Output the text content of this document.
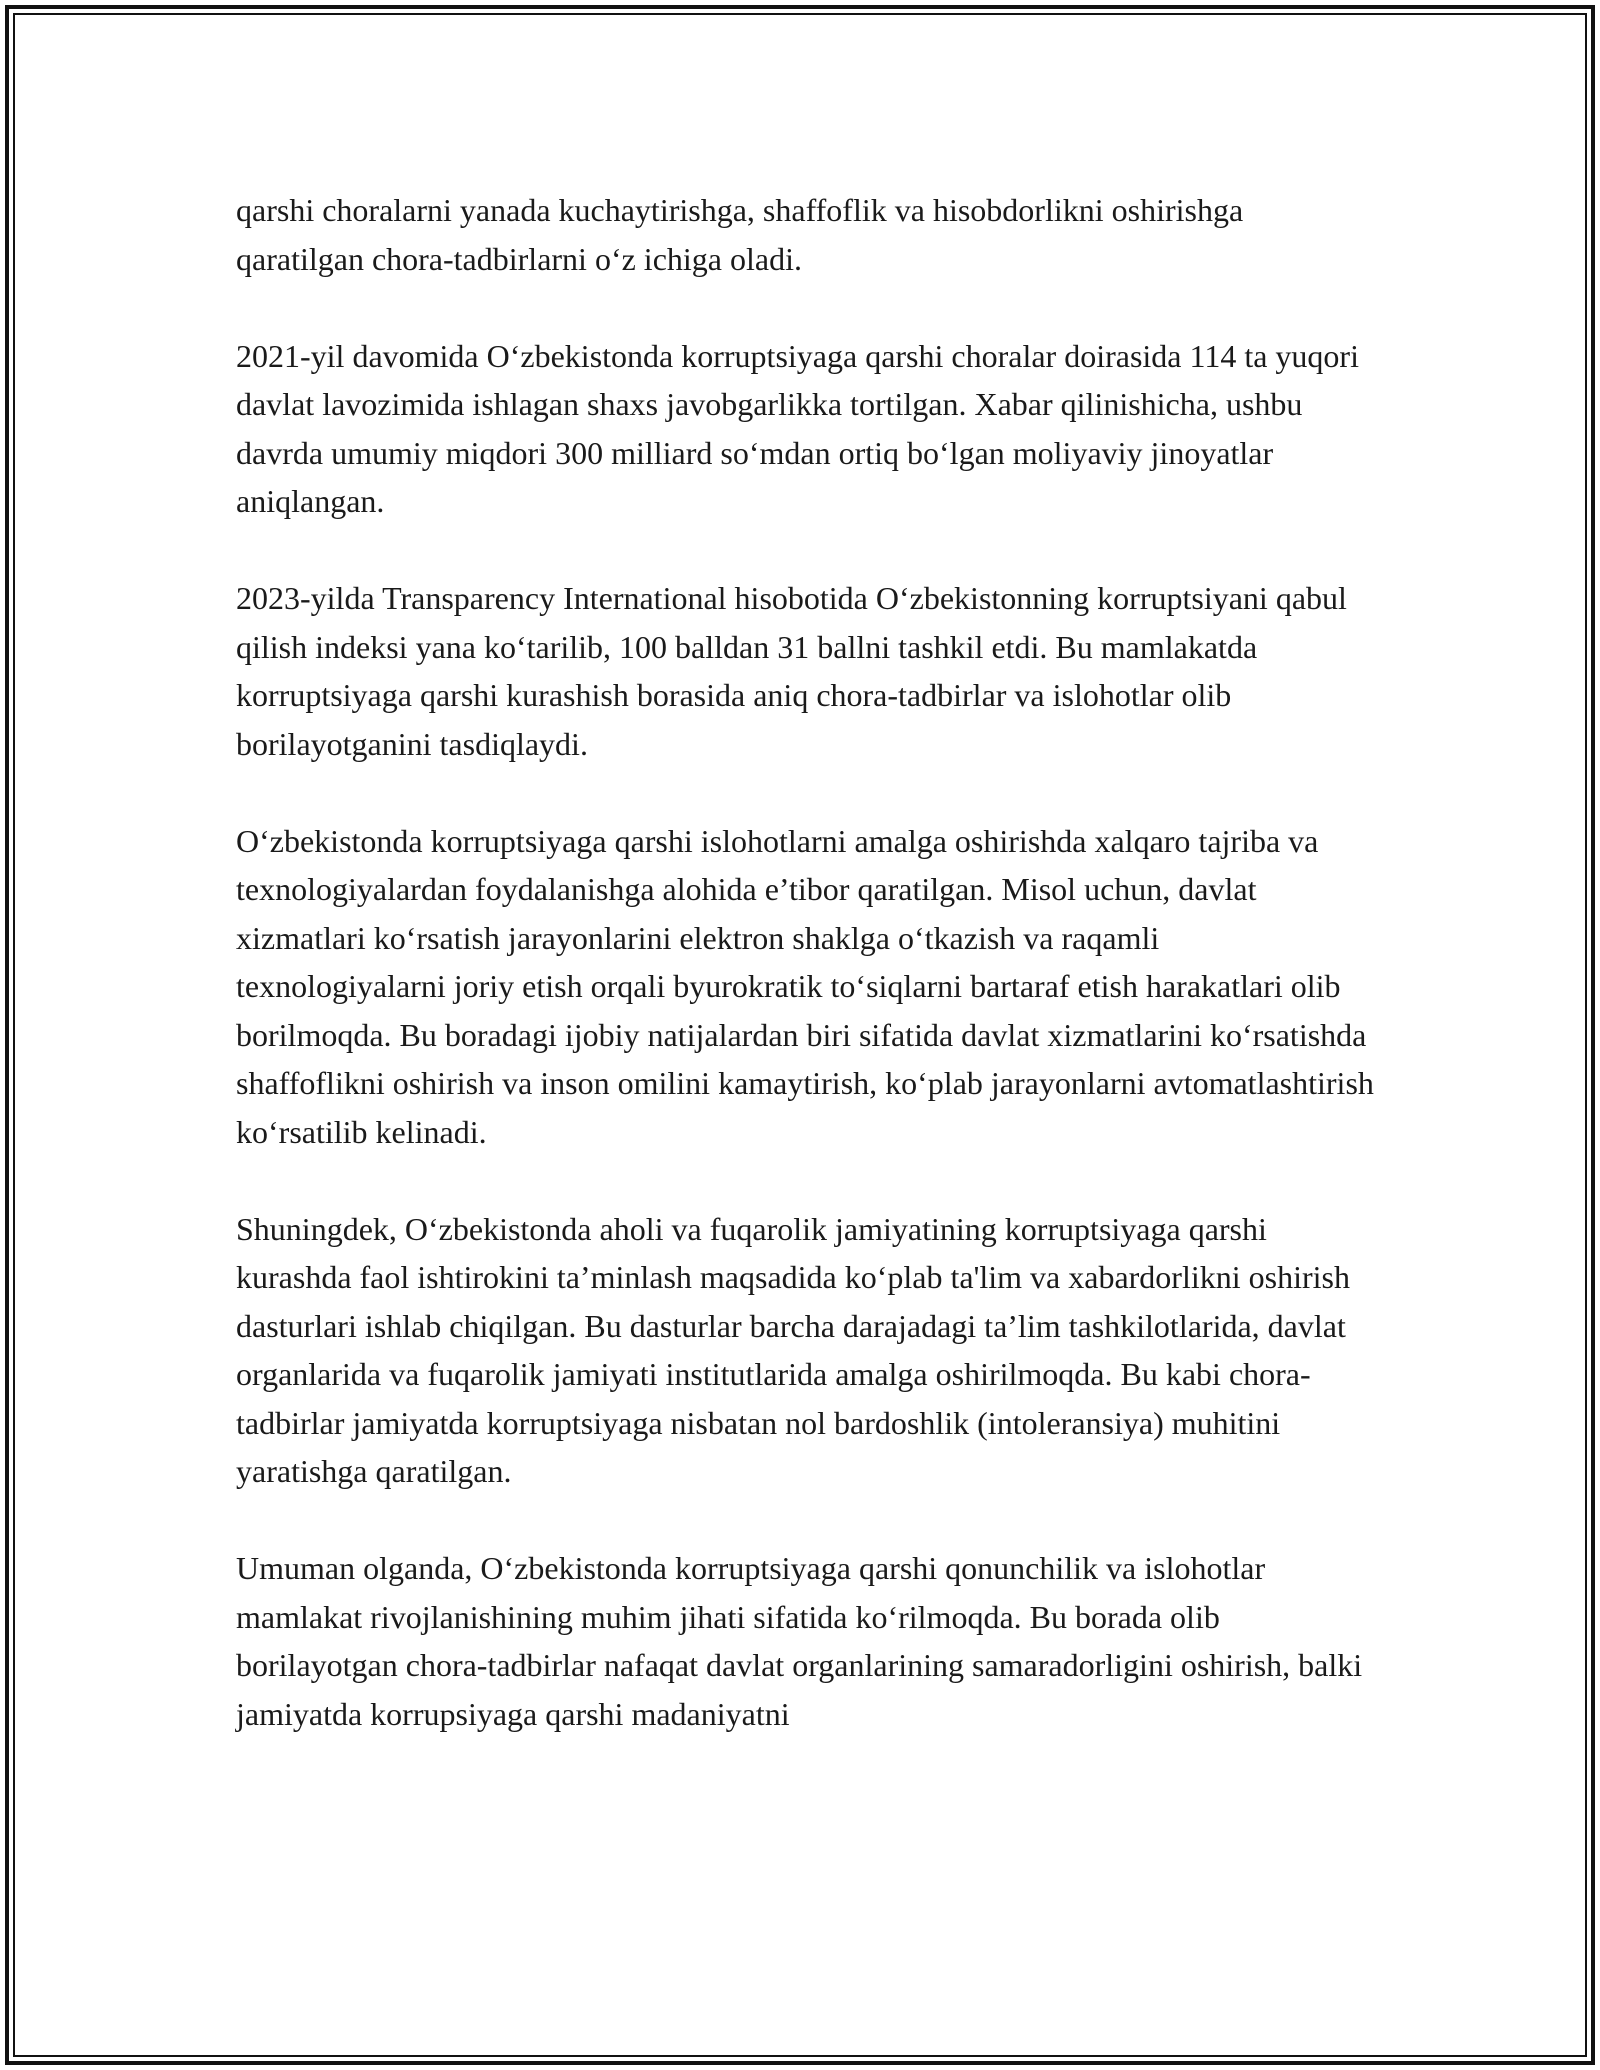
qarshi choralarni yanada kuchaytirishga, shaffoflik va hisobdorlikni oshirishga qaratilgan chora-tadbirlarni o‘z ichiga oladi.

2021-yil davomida O‘zbekistonda korruptsiyaga qarshi choralar doirasida 114 ta yuqori davlat lavozimida ishlagan shaxs javobgarlikka tortilgan. Xabar qilinishicha, ushbu davrda umumiy miqdori 300 milliard so‘mdan ortiq bo‘lgan moliyaviy jinoyatlar aniqlangan.

2023-yilda Transparency International hisobotida O‘zbekistonning korruptsiyani qabul qilish indeksi yana ko‘tarilib, 100 balldan 31 ballni tashkil etdi. Bu mamlakatda korruptsiyaga qarshi kurashish borasida aniq chora-tadbirlar va islohotlar olib borilayotganini tasdiqlaydi.

O‘zbekistonda korruptsiyaga qarshi islohotlarni amalga oshirishda xalqaro tajriba va texnologiyalardan foydalanishga alohida e’tibor qaratilgan. Misol uchun, davlat xizmatlari ko‘rsatish jarayonlarini elektron shaklga o‘tkazish va raqamli texnologiyalarni joriy etish orqali byurokratik to‘siqlarni bartaraf etish harakatlari olib borilmoqda. Bu boradagi ijobiy natijalardan biri sifatida davlat xizmatlarini ko‘rsatishda shaffoflikni oshirish va inson omilini kamaytirish, ko‘plab jarayonlarni avtomatlashtirish ko‘rsatilib kelinadi.

Shuningdek, O‘zbekistonda aholi va fuqarolik jamiyatining korruptsiyaga qarshi kurashda faol ishtirokini ta’minlash maqsadida ko‘plab ta'lim va xabardorlikni oshirish dasturlari ishlab chiqilgan. Bu dasturlar barcha darajadagi ta’lim tashkilotlarida, davlat organlarida va fuqarolik jamiyati institutlarida amalga oshirilmoqda. Bu kabi chora-tadbirlar jamiyatda korruptsiyaga nisbatan nol bardoshlik (intoleransiya) muhitini yaratishga qaratilgan.

Umuman olganda, O‘zbekistonda korruptsiyaga qarshi qonunchilik va islohotlar mamlakat rivojlanishining muhim jihati sifatida ko‘rilmoqda. Bu borada olib borilayotgan chora-tadbirlar nafaqat davlat organlarining samaradorligini oshirish, balki jamiyatda korrupsiyaga qarshi madaniyatni
